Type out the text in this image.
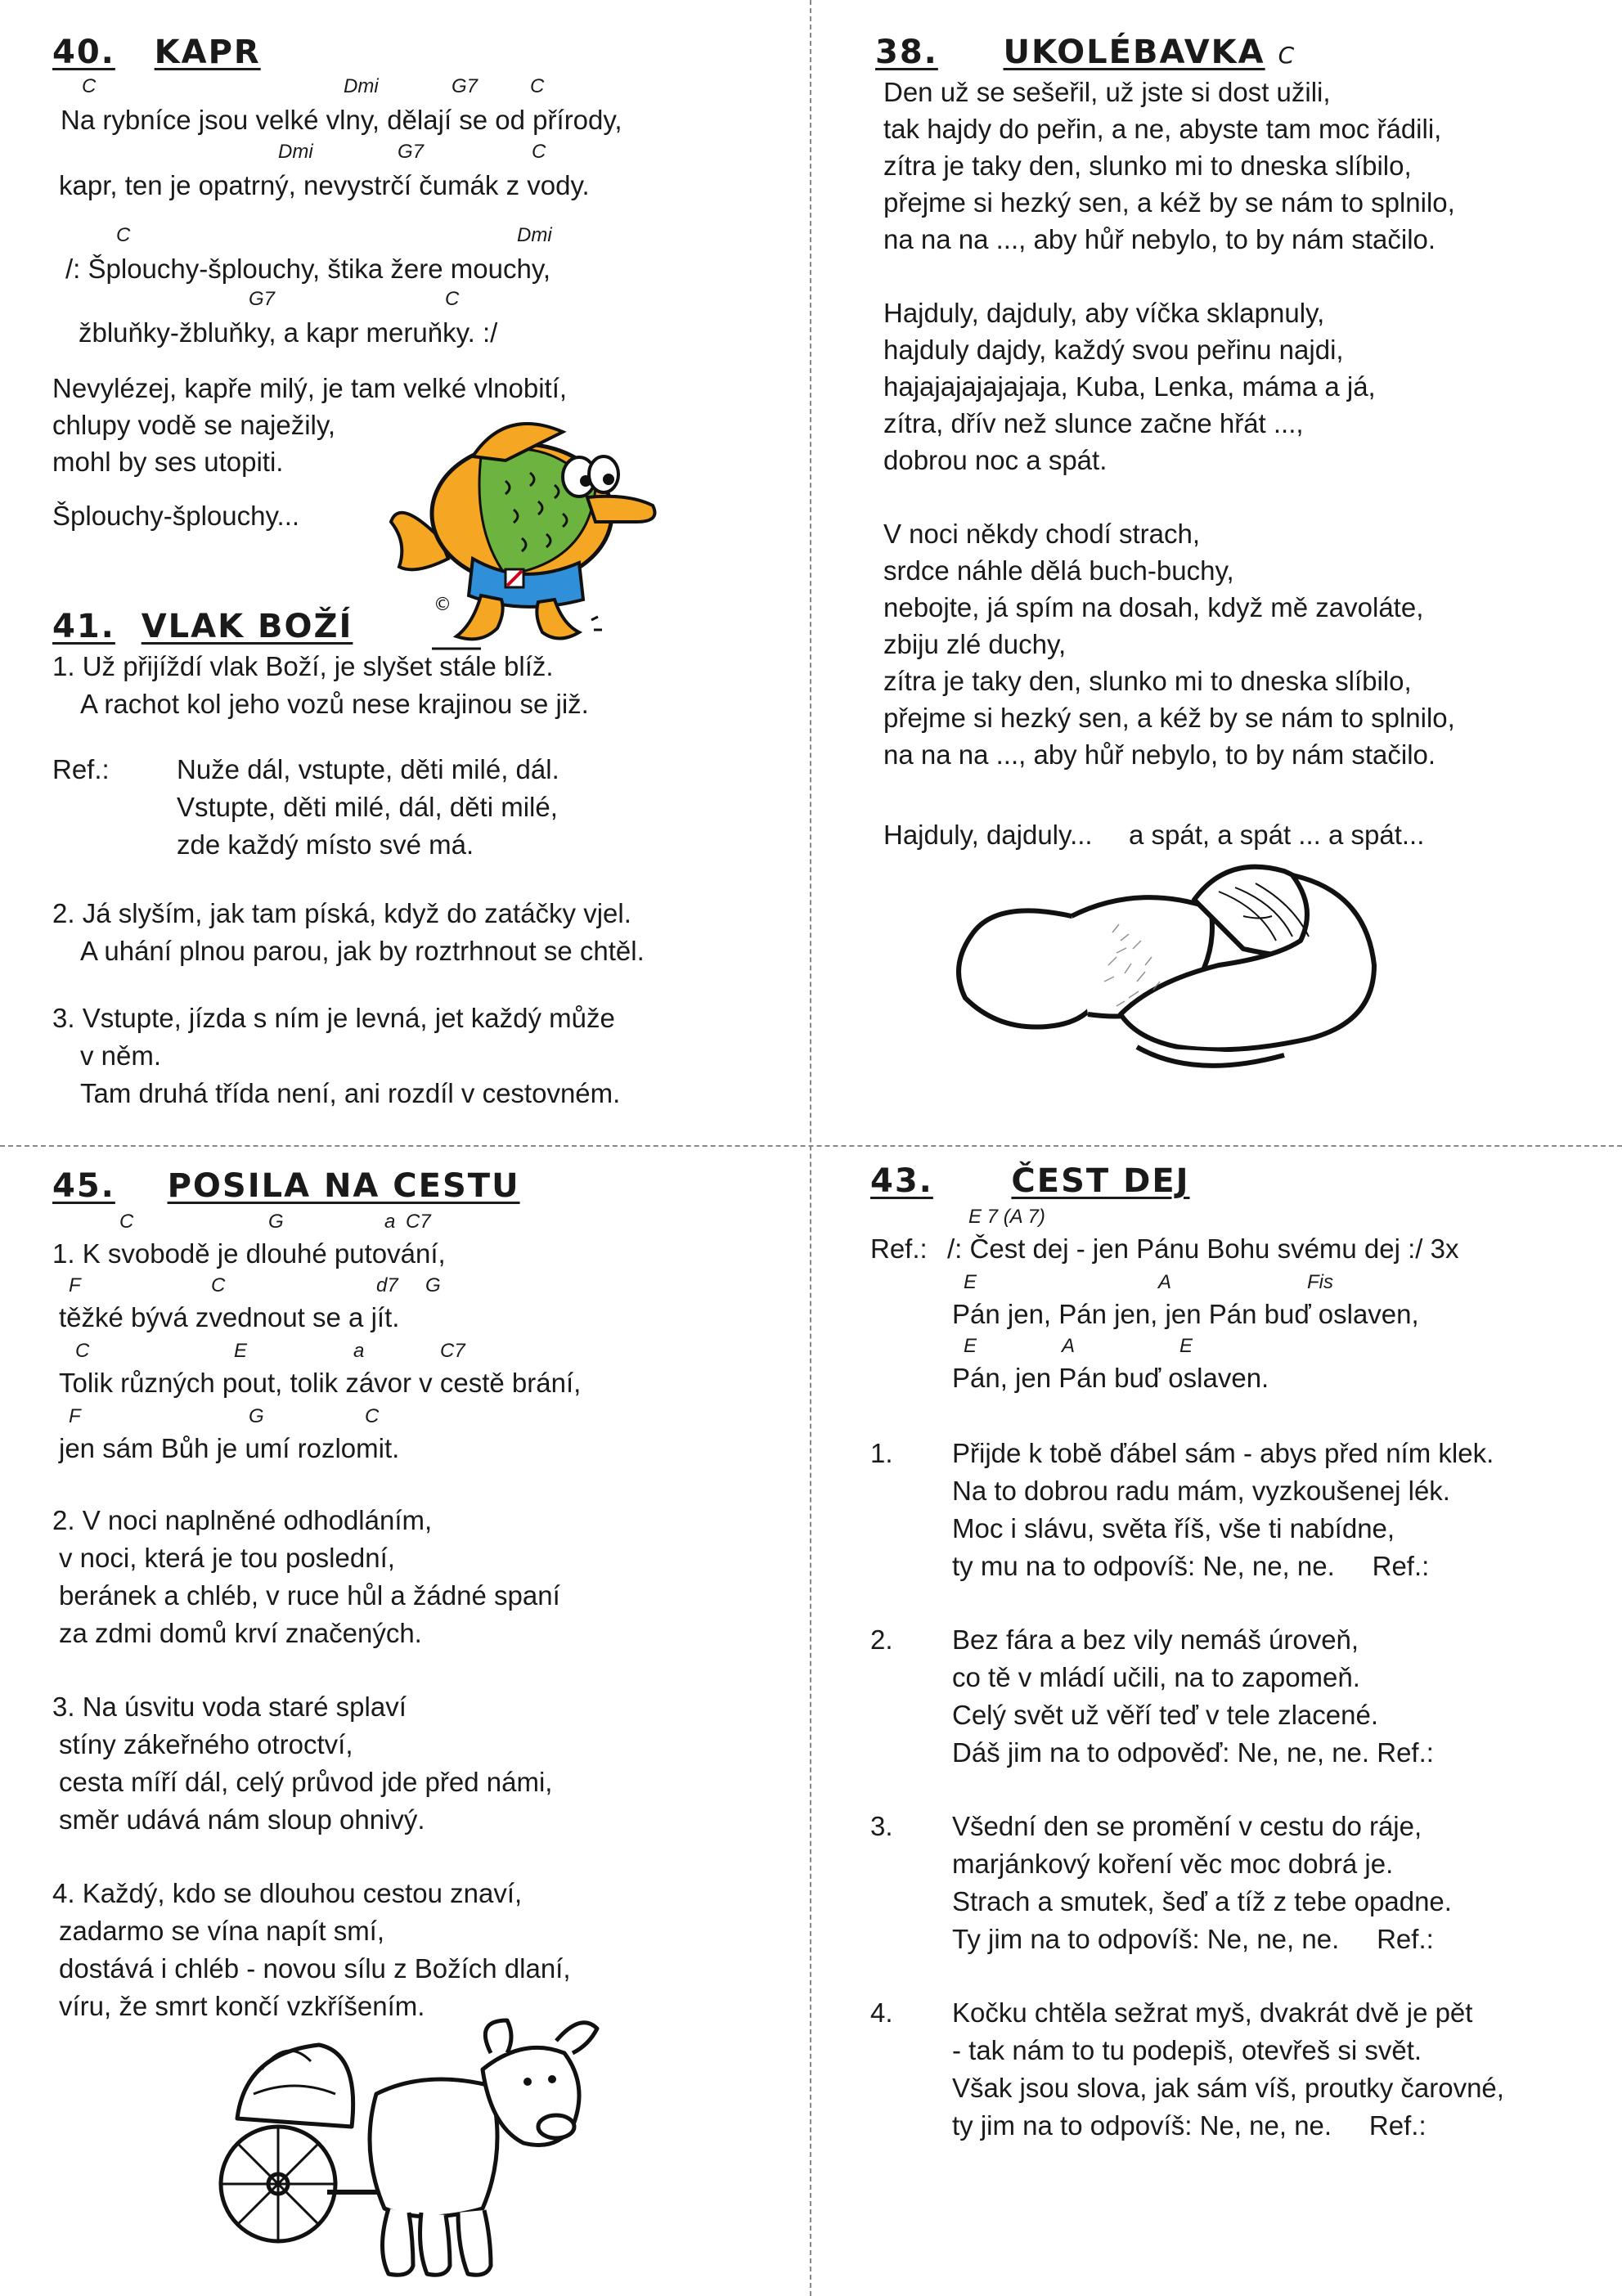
40. KAPR
C	Dmi	G7	C
Na rybníce jsou velké vlny, dělají se od přírody,
Dmi	G7	C
kapr, ten je opatrný, nevystrčí čumák z vody.
C	Dmi
/: Šplouchy-šplouchy, štika žere mouchy,
G7	C
žbluňky-žbluňky, a kapr meruňky. :/
Nevylézej, kapře milý, je tam velké vlnobití,
chlupy vodě se naježily,
mohl by ses utopiti.
Šplouchy-šplouchy...
©
41. VLAK BOŽÍ
1. Už přijíždí vlak Boží, je slyšet stále blíž.
A rachot kol jeho vozů nese krajinou se již.
Ref.: Nuže dál, vstupte, děti milé, dál.
Vstupte, děti milé, dál, děti milé,
zde každý místo své má.
2. Já slyším, jak tam píská, když do zatáčky vjel.
A uhání plnou parou, jak by roztrhnout se chtěl.
3. Vstupte, jízda s ním je levná, jet každý může
v něm.
Tam druhá třída není, ani rozdíl v cestovném.
38. UKOLÉBAVKA C
Den už se sešeřil, už jste si dost užili,
tak hajdy do peřin, a ne, abyste tam moc řádili,
zítra je taky den, slunko mi to dneska slíbilo,
přejme si hezký sen, a kéž by se nám to splnilo,
na na na ..., aby hůř nebylo, to by nám stačilo.
Hajduly, dajduly, aby víčka sklapnuly,
hajduly dajdy, každý svou peřinu najdi,
hajajajajajajaja, Kuba, Lenka, máma a já,
zítra, dřív než slunce začne hřát ...,
dobrou noc a spát.
V noci někdy chodí strach,
srdce náhle dělá buch-buchy,
nebojte, já spím na dosah, když mě zavoláte,
zbiju zlé duchy,
zítra je taky den, slunko mi to dneska slíbilo,
přejme si hezký sen, a kéž by se nám to splnilo,
na na na ..., aby hůř nebylo, to by nám stačilo.
Hajduly, dajduly... a spát, a spát ... a spát...
45. POSILA NA CESTU
C	G	a C7
1. K svobodě je dlouhé putování,
F	C	d7 G
těžké bývá zvednout se a jít.
C	E	a	C7
Tolik různých pout, tolik závor v cestě brání,
F	G	C
jen sám Bůh je umí rozlomit.
2. V noci naplněné odhodláním,
v noci, která je tou poslední,
beránek a chléb, v ruce hůl a žádné spaní
za zdmi domů krví značených.
3. Na úsvitu voda staré splaví
stíny zákeřného otroctví,
cesta míří dál, celý průvod jde před námi,
směr udává nám sloup ohnivý.
4. Každý, kdo se dlouhou cestou znaví,
zadarmo se vína napít smí,
dostává i chléb - novou sílu z Božích dlaní,
víru, že smrt končí vzkříšením.
43. ČEST DEJ
E 7 (A 7)
Ref.: /: Čest dej - jen Pánu Bohu svému dej :/ 3x
E	A	Fis
Pán jen, Pán jen, jen Pán buď oslaven,
E	A	E
Pán, jen Pán buď oslaven.
1. Přijde k tobě ďábel sám - abys před ním klek.
Na to dobrou radu mám, vyzkoušenej lék.
Moc i slávu, světa říš, vše ti nabídne,
ty mu na to odpovíš: Ne, ne, ne.     Ref.:
2. Bez fára a bez vily nemáš úroveň,
co tě v mládí učili, na to zapomeň.
Celý svět už věří teď v tele zlacené.
Dáš jim na to odpověď: Ne, ne, ne. Ref.:
3. Všední den se promění v cestu do ráje,
marjánkový koření věc moc dobrá je.
Strach a smutek, šeď a tíž z tebe opadne.
Ty jim na to odpovíš: Ne, ne, ne.     Ref.:
4. Kočku chtěla sežrat myš, dvakrát dvě je pět
- tak nám to tu podepiš, otevřeš si svět.
Však jsou slova, jak sám víš, proutky čarovné,
ty jim na to odpovíš: Ne, ne, ne.     Ref.:
